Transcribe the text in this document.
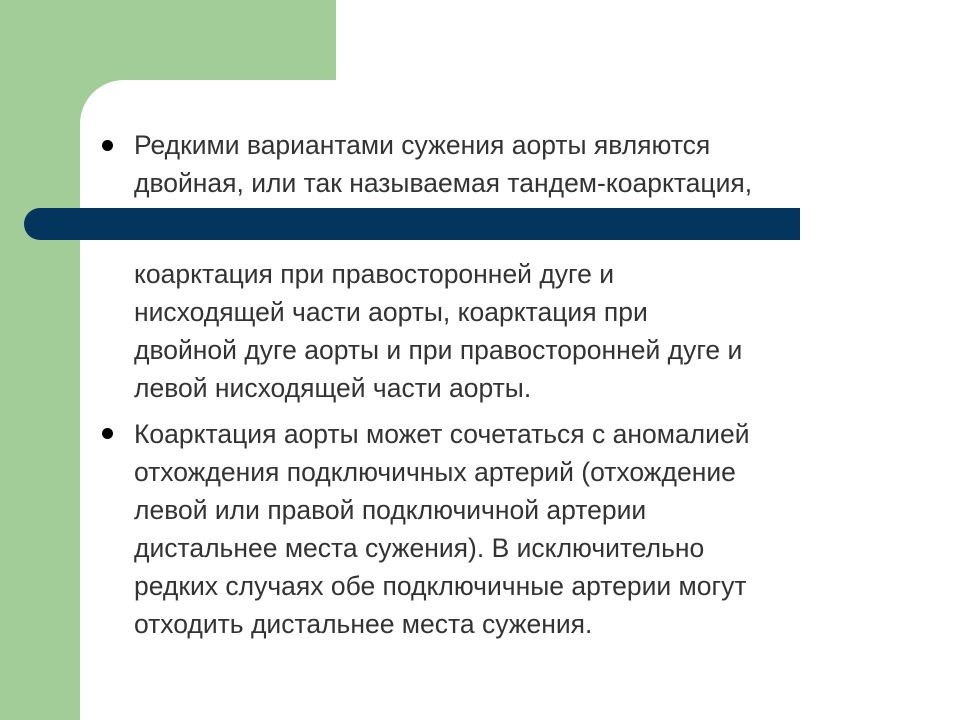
Редкими вариантами сужения аорты являются
двойная, или так называемая тандем-коарктация,

коарктация при правосторонней дуге и
нисходящей части аорты, коарктация при
двойной дуге аорты и при правосторонней дуге и
левой нисходящей части аорты.

Коарктация аорты может сочетаться с аномалией
отхождения подключичных артерий (отхождение
левой или правой подключичной артерии
дистальнее места сужения). В исключительно
редких случаях обе подключичные артерии могут
отходить дистальнее места сужения.
